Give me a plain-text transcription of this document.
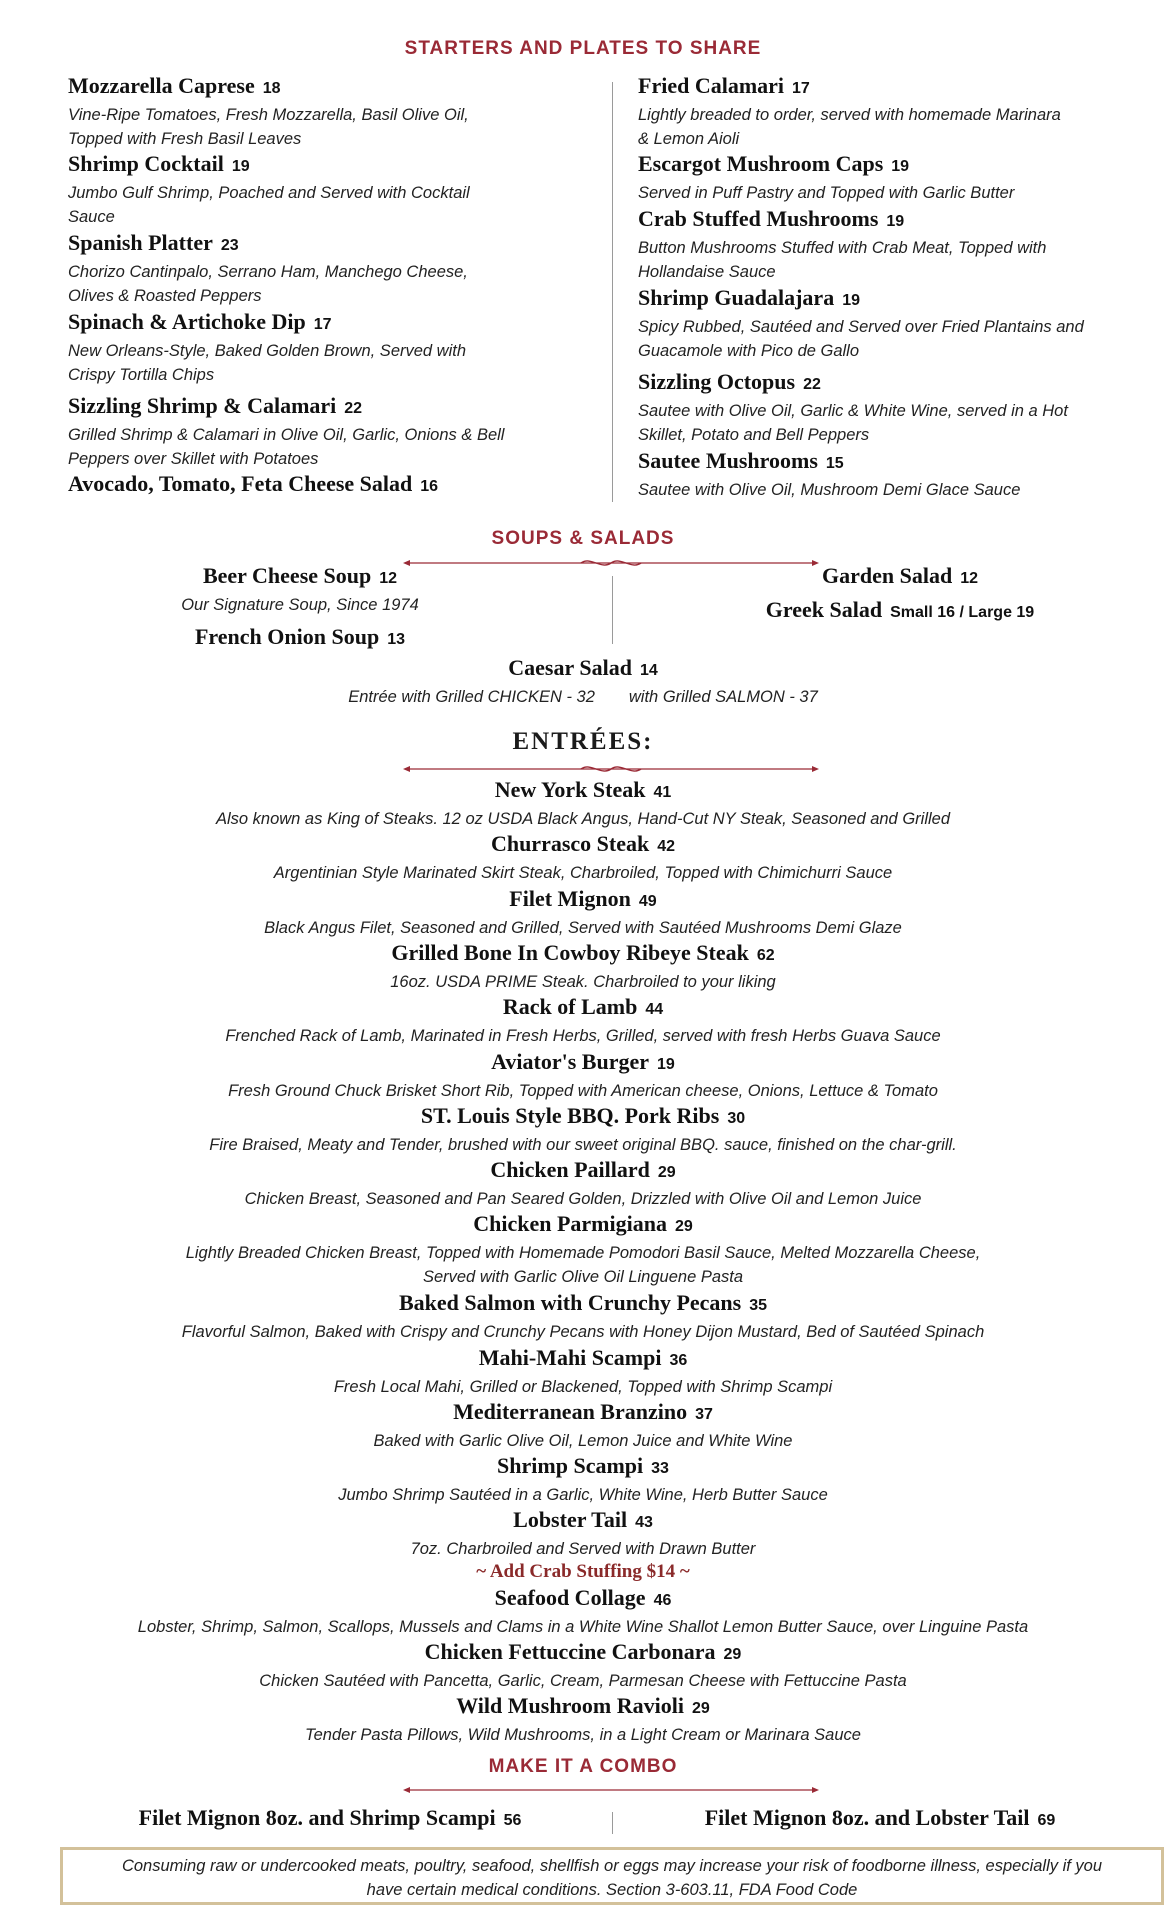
STARTERS AND PLATES TO SHARE
Mozzarella Caprese 18
Vine-Ripe Tomatoes, Fresh Mozzarella, Basil Olive Oil,
Topped with Fresh Basil Leaves
Shrimp Cocktail 19
Jumbo Gulf Shrimp, Poached and Served with Cocktail
Sauce
Spanish Platter 23
Chorizo Cantinpalo, Serrano Ham, Manchego Cheese,
Olives & Roasted Peppers
Spinach & Artichoke Dip 17
New Orleans-Style, Baked Golden Brown, Served with
Crispy Tortilla Chips
Sizzling Shrimp & Calamari 22
Grilled Shrimp & Calamari in Olive Oil, Garlic, Onions & Bell
Peppers over Skillet with Potatoes
Avocado, Tomato, Feta Cheese Salad 16
Fried Calamari 17
Lightly breaded to order, served with homemade Marinara
& Lemon Aioli
Escargot Mushroom Caps 19
Served in Puff Pastry and Topped with Garlic Butter
Crab Stuffed Mushrooms 19
Button Mushrooms Stuffed with Crab Meat, Topped with
Hollandaise Sauce
Shrimp Guadalajara 19
Spicy Rubbed, Sautéed and Served over Fried Plantains and
Guacamole with Pico de Gallo
Sizzling Octopus 22
Sautee with Olive Oil, Garlic & White Wine, served in a Hot
Skillet, Potato and Bell Peppers
Sautee Mushrooms 15
Sautee with Olive Oil, Mushroom Demi Glace Sauce
SOUPS & SALADS
Beer Cheese Soup 12
Our Signature Soup, Since 1974
French Onion Soup 13
Garden Salad 12
Greek Salad Small 16 / Large 19
Caesar Salad 14
Entrée with Grilled CHICKEN - 32 with Grilled SALMON - 37
ENTRÉES:
New York Steak 41
Also known as King of Steaks. 12 oz USDA Black Angus, Hand-Cut NY Steak, Seasoned and Grilled
Churrasco Steak 42
Argentinian Style Marinated Skirt Steak, Charbroiled, Topped with Chimichurri Sauce
Filet Mignon 49
Black Angus Filet, Seasoned and Grilled, Served with Sautéed Mushrooms Demi Glaze
Grilled Bone In Cowboy Ribeye Steak 62
16oz. USDA PRIME Steak. Charbroiled to your liking
Rack of Lamb 44
Frenched Rack of Lamb, Marinated in Fresh Herbs, Grilled, served with fresh Herbs Guava Sauce
Aviator's Burger 19
Fresh Ground Chuck Brisket Short Rib, Topped with American cheese, Onions, Lettuce & Tomato
ST. Louis Style BBQ. Pork Ribs 30
Fire Braised, Meaty and Tender, brushed with our sweet original BBQ. sauce, finished on the char-grill.
Chicken Paillard 29
Chicken Breast, Seasoned and Pan Seared Golden, Drizzled with Olive Oil and Lemon Juice
Chicken Parmigiana 29
Lightly Breaded Chicken Breast, Topped with Homemade Pomodori Basil Sauce, Melted Mozzarella Cheese,
Served with Garlic Olive Oil Linguene Pasta
Baked Salmon with Crunchy Pecans 35
Flavorful Salmon, Baked with Crispy and Crunchy Pecans with Honey Dijon Mustard, Bed of Sautéed Spinach
Mahi-Mahi Scampi 36
Fresh Local Mahi, Grilled or Blackened, Topped with Shrimp Scampi
Mediterranean Branzino 37
Baked with Garlic Olive Oil, Lemon Juice and White Wine
Shrimp Scampi 33
Jumbo Shrimp Sautéed in a Garlic, White Wine, Herb Butter Sauce
Lobster Tail 43
7oz. Charbroiled and Served with Drawn Butter
~ Add Crab Stuffing $14 ~
Seafood Collage 46
Lobster, Shrimp, Salmon, Scallops, Mussels and Clams in a White Wine Shallot Lemon Butter Sauce, over Linguine Pasta
Chicken Fettuccine Carbonara 29
Chicken Sautéed with Pancetta, Garlic, Cream, Parmesan Cheese with Fettuccine Pasta
Wild Mushroom Ravioli 29
Tender Pasta Pillows, Wild Mushrooms, in a Light Cream or Marinara Sauce
MAKE IT A COMBO
Filet Mignon 8oz. and Shrimp Scampi 56	Filet Mignon 8oz. and Lobster Tail 69
Consuming raw or undercooked meats, poultry, seafood, shellfish or eggs may increase your risk of foodborne illness, especially if you
have certain medical conditions. Section 3-603.11, FDA Food Code
